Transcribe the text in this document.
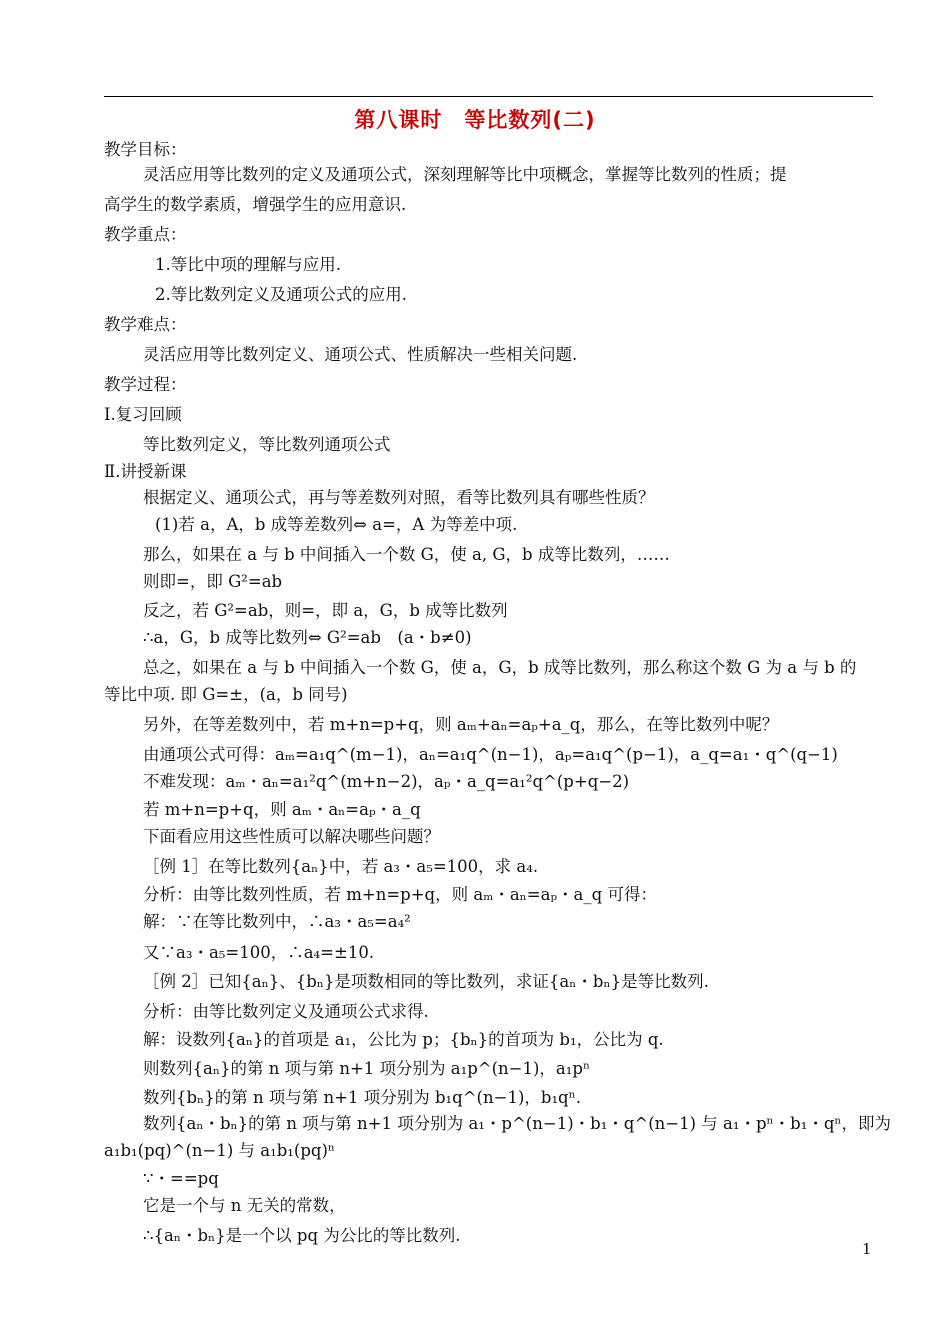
第八课时　等比数列(二)
教学目标：
灵活应用等比数列的定义及通项公式，深刻理解等比中项概念，掌握等比数列的性质；提
高学生的数学素质，增强学生的应用意识.
教学重点：
1.等比中项的理解与应用.
2.等比数列定义及通项公式的应用.
教学难点：
灵活应用等比数列定义、通项公式、性质解决一些相关问题.
教学过程：
Ⅰ.复习回顾
等比数列定义，等比数列通项公式
Ⅱ.讲授新课
根据定义、通项公式，再与等差数列对照，看等比数列具有哪些性质？
(1)若 a，A，b 成等差数列⇔ a=，A 为等差中项.
那么，如果在 a 与 b 中间插入一个数 G，使 a, G，b 成等比数列，……
则即=，即 G²=ab
反之，若 G²=ab，则=，即 a，G，b 成等比数列
∴a，G，b 成等比数列⇔ G²=ab　(a・b≠0)
总之，如果在 a 与 b 中间插入一个数 G，使 a，G，b 成等比数列，那么称这个数 G 为 a 与 b 的
等比中项. 即 G=±，(a，b 同号)
另外，在等差数列中，若 m+n=p+q，则 aₘ+aₙ=aₚ+a_q，那么，在等比数列中呢？
由通项公式可得：aₘ=a₁q^(m−1)，aₙ=a₁q^(n−1)，aₚ=a₁q^(p−1)，a_q=a₁・q^(q−1)
不难发现：aₘ・aₙ=a₁²q^(m+n−2)，aₚ・a_q=a₁²q^(p+q−2)
若 m+n=p+q，则 aₘ・aₙ=aₚ・a_q
下面看应用这些性质可以解决哪些问题？
［例 1］在等比数列{aₙ}中，若 a₃・a₅=100，求 a₄.
分析：由等比数列性质，若 m+n=p+q，则 aₘ・aₙ=aₚ・a_q 可得：
解：∵在等比数列中，∴a₃・a₅=a₄²
又∵a₃・a₅=100，∴a₄=±10.
［例 2］已知{aₙ}、{bₙ}是项数相同的等比数列，求证{aₙ・bₙ}是等比数列.
分析：由等比数列定义及通项公式求得.
解：设数列{aₙ}的首项是 a₁，公比为 p；{bₙ}的首项为 b₁，公比为 q.
则数列{aₙ}的第 n 项与第 n+1 项分别为 a₁p^(n−1)，a₁pⁿ
数列{bₙ}的第 n 项与第 n+1 项分别为 b₁q^(n−1)，b₁qⁿ.
数列{aₙ・bₙ}的第 n 项与第 n+1 项分别为 a₁・p^(n−1)・b₁・q^(n−1) 与 a₁・pⁿ・b₁・qⁿ，即为
a₁b₁(pq)^(n−1) 与 a₁b₁(pq)ⁿ
∵・==pq
它是一个与 n 无关的常数，
∴{aₙ・bₙ}是一个以 pq 为公比的等比数列.
1
